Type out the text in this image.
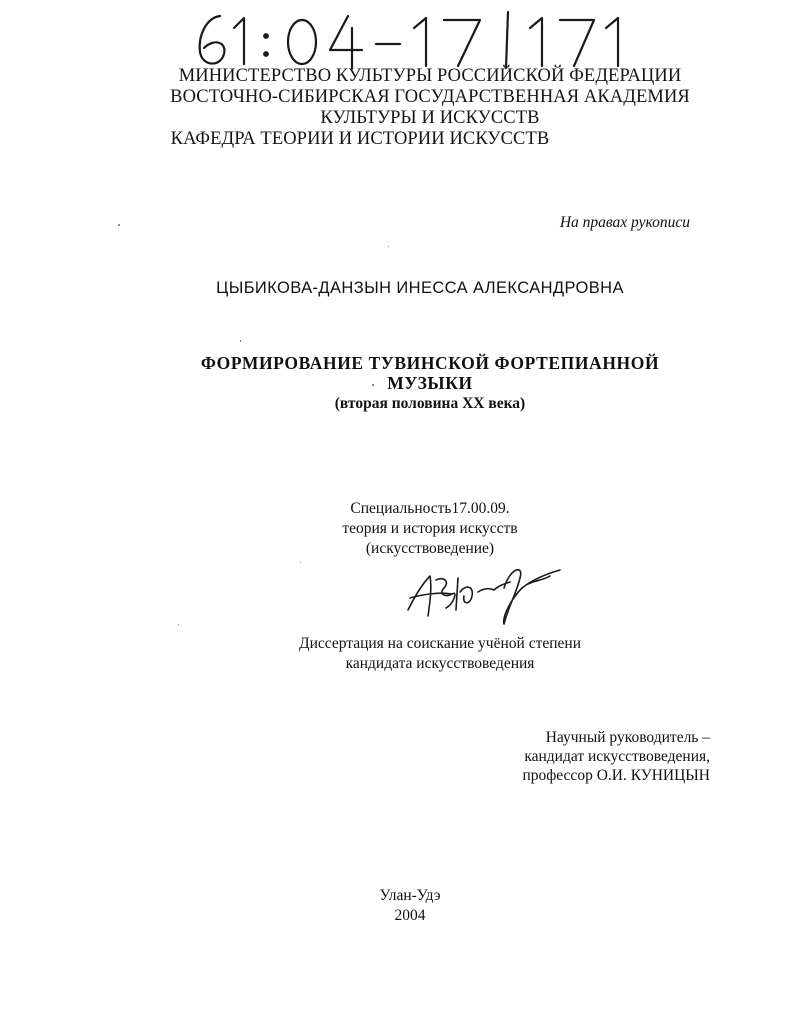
МИНИСТЕРСТВО КУЛЬТУРЫ РОССИЙСКОЙ ФЕДЕРАЦИИ
ВОСТОЧНО-СИБИРСКАЯ ГОСУДАРСТВЕННАЯ АКАДЕМИЯ
КУЛЬТУРЫ И ИСКУССТВ
КАФЕДРА ТЕОРИИ И ИСТОРИИ ИСКУССТВ
На правах рукописи
ЦЫБИКОВА-ДАНЗЫН ИНЕССА АЛЕКСАНДРОВНА
ФОРМИРОВАНИЕ ТУВИНСКОЙ ФОРТЕПИАННОЙ
МУЗЫКИ
(вторая половина XX века)
Специальность17.00.09.
теория и история искусств
(искусствоведение)
Диссертация на соискание учёной степени
кандидата искусствоведения
Научный руководитель –
кандидат искусствоведения,
профессор О.И. КУНИЦЫН
Улан-Удэ
2004
